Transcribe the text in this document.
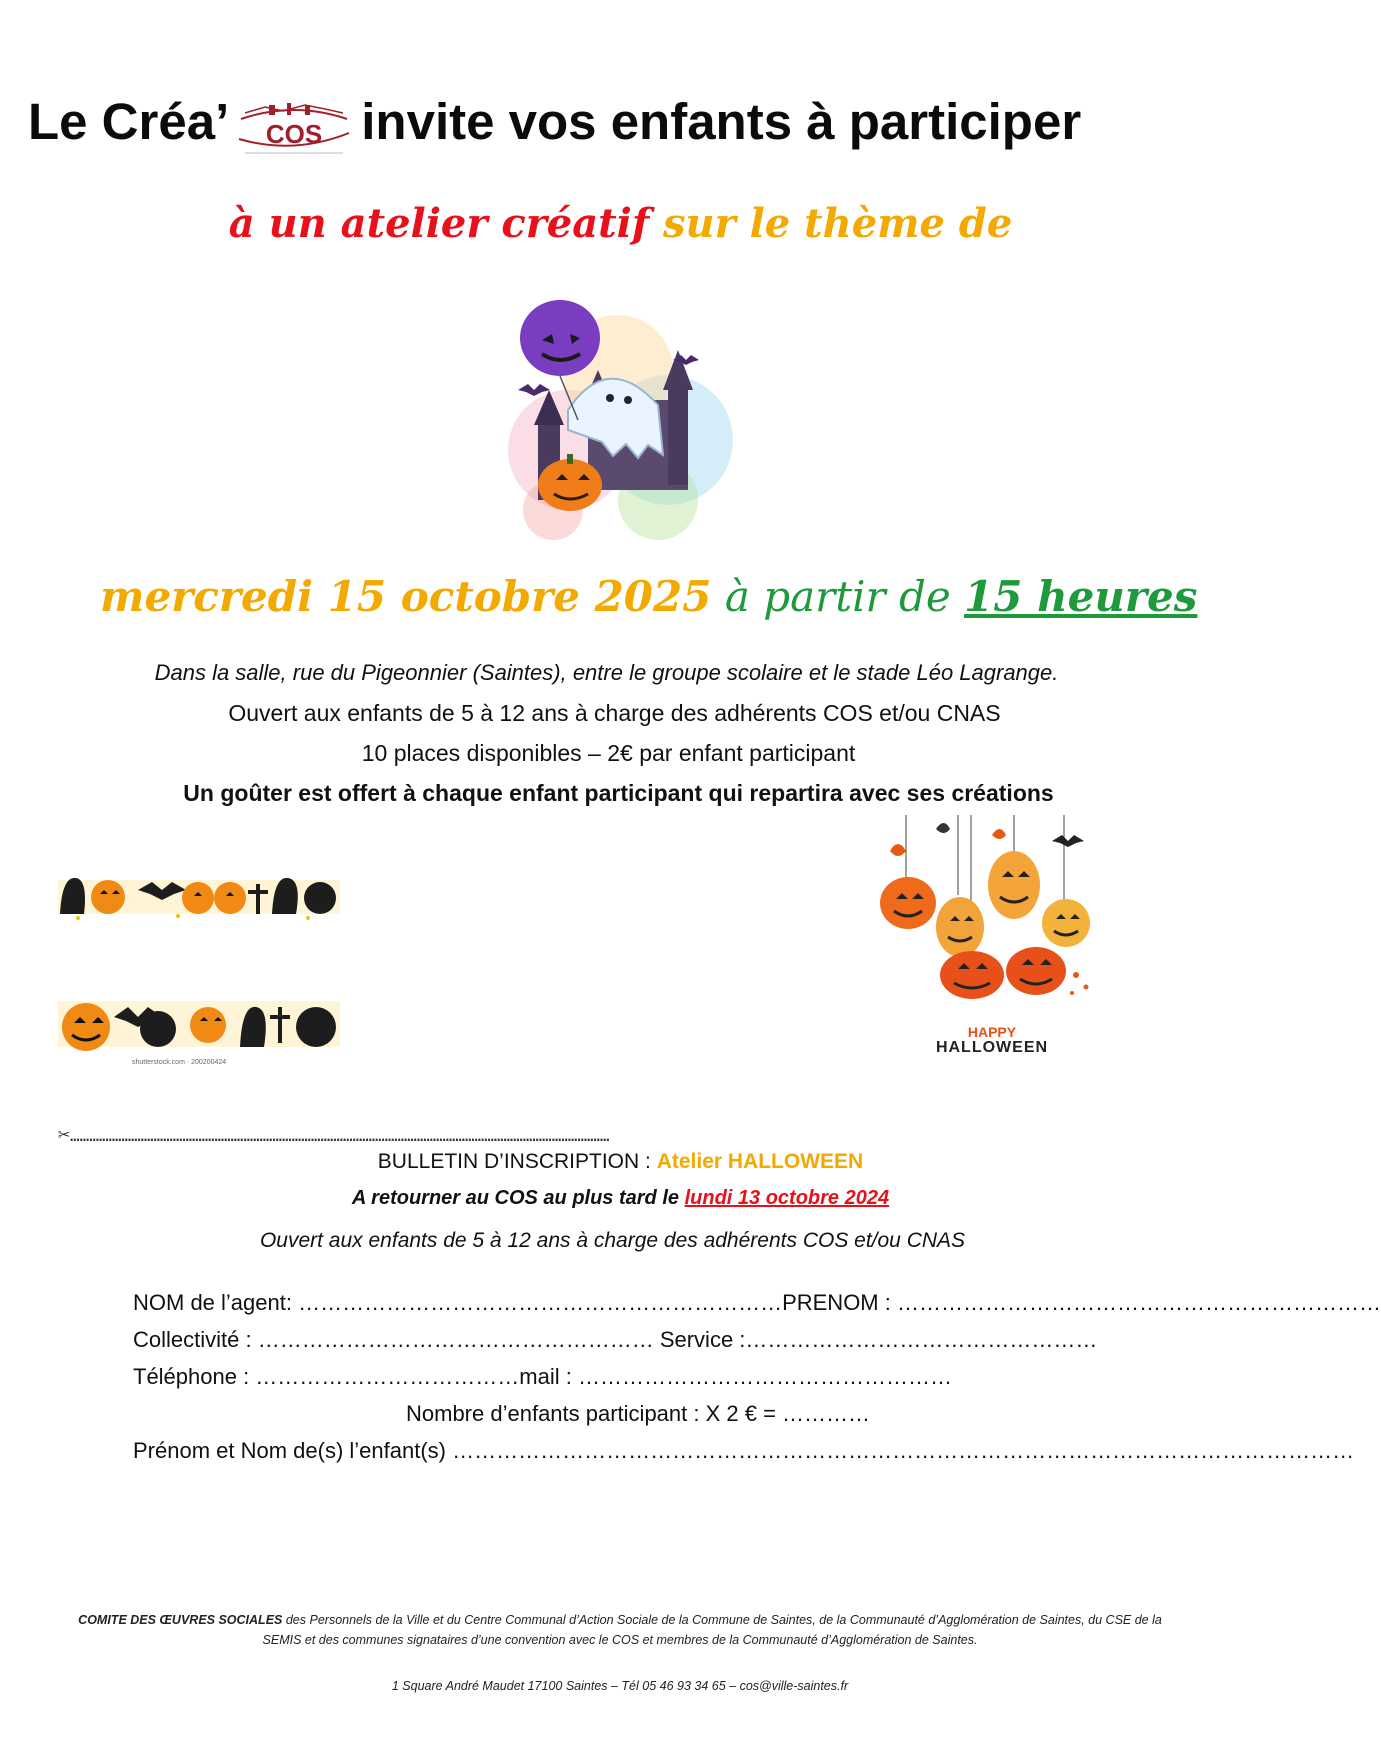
Le Créa’ COS invite vos enfants à participer
à un atelier créatif sur le thème de
mercredi 15 octobre 2025 à partir de 15 heures
Dans la salle, rue du Pigeonnier (Saintes), entre le groupe scolaire et le stade Léo Lagrange.
Ouvert aux enfants de 5 à 12 ans à charge des adhérents COS et/ou CNAS
10 places disponibles – 2€ par enfant participant
Un goûter est offert à chaque enfant participant qui repartira avec ses créations
shutterstock.com · 200200424
HAPPY
HALLOWEEN
✂……………………………………………………………………………………………………………………………………………………
BULLETIN D’INSCRIPTION : Atelier HALLOWEEN
A retourner au COS au plus tard le lundi 13 octobre 2024
Ouvert aux enfants de 5 à 12 ans à charge des adhérents COS et/ou CNAS
NOM de l’agent: …………………………………………………………PRENOM : …………………………………………………………
Collectivité : ……………………………………………… Service :…………………………………………
Téléphone : ………………………………mail : ……………………………………………
Nombre d’enfants participant : X 2 € = …………
Prénom et Nom de(s) l’enfant(s) ……………………………………………………………………………………………………………
COMITE DES ŒUVRES SOCIALES des Personnels de la Ville et du Centre Communal d’Action Sociale de la Commune de Saintes, de la Communauté d’Agglomération de Saintes, du CSE de la SEMIS et des communes signataires d’une convention avec le COS et membres de la Communauté d’Agglomération de Saintes.
1 Square André Maudet 17100 Saintes – Tél 05 46 93 34 65 – cos@ville-saintes.fr
